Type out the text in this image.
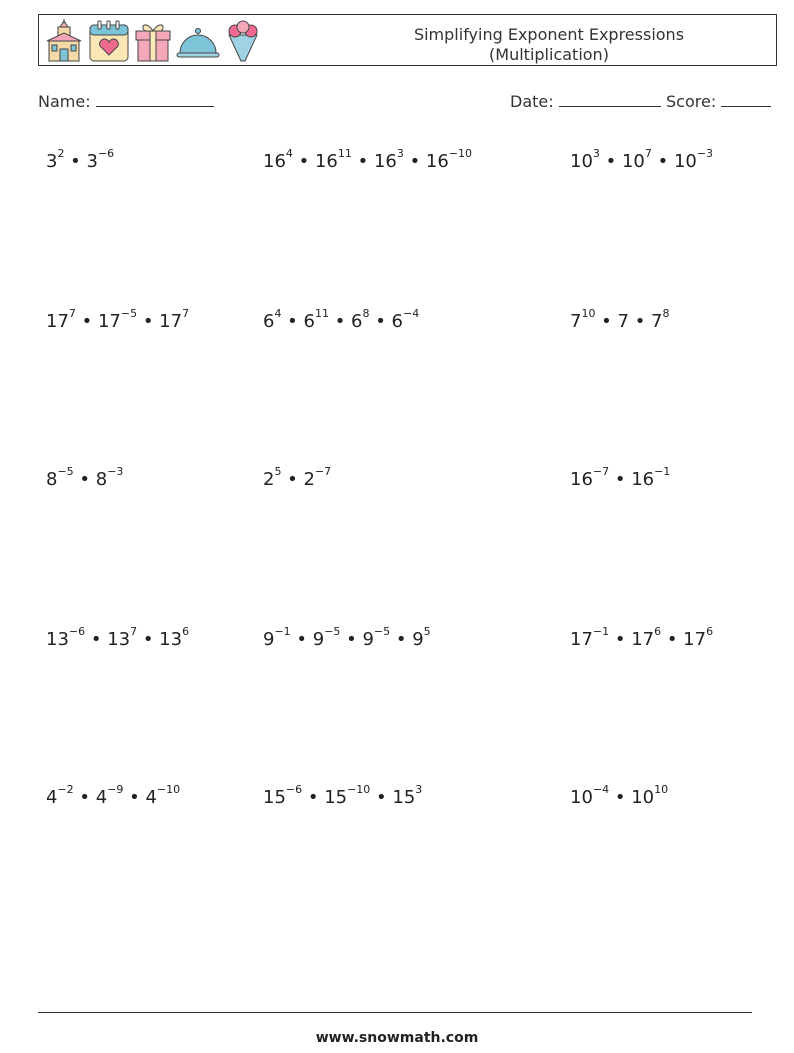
Simplifying Exponent Expressions
(Multiplication)
Name:	Date:	Score:
$3^2$ • $3^{-6}$	$16^4$ • $16^{11}$ • $16^3$ • $16^{-10}$	$10^3$ • $10^7$ • $10^{-3}$
$17^7$ • $17^{-5}$ • $17^7$	$6^4$ • $6^{11}$ • $6^8$ • $6^{-4}$	$7^{10}$ • 7 • $7^8$
$8^{-5}$ • $8^{-3}$	$2^5$ • $2^{-7}$	$16^{-7}$ • $16^{-1}$
$13^{-6}$ • $13^7$ • $13^6$	$9^{-1}$ • $9^{-5}$ • $9^{-5}$ • $9^5$	$17^{-1}$ • $17^6$ • $17^6$
$4^{-2}$ • $4^{-9}$ • $4^{-10}$	$15^{-6}$ • $15^{-10}$ • $15^3$	$10^{-4}$ • $10^{10}$
www.snowmath.com
